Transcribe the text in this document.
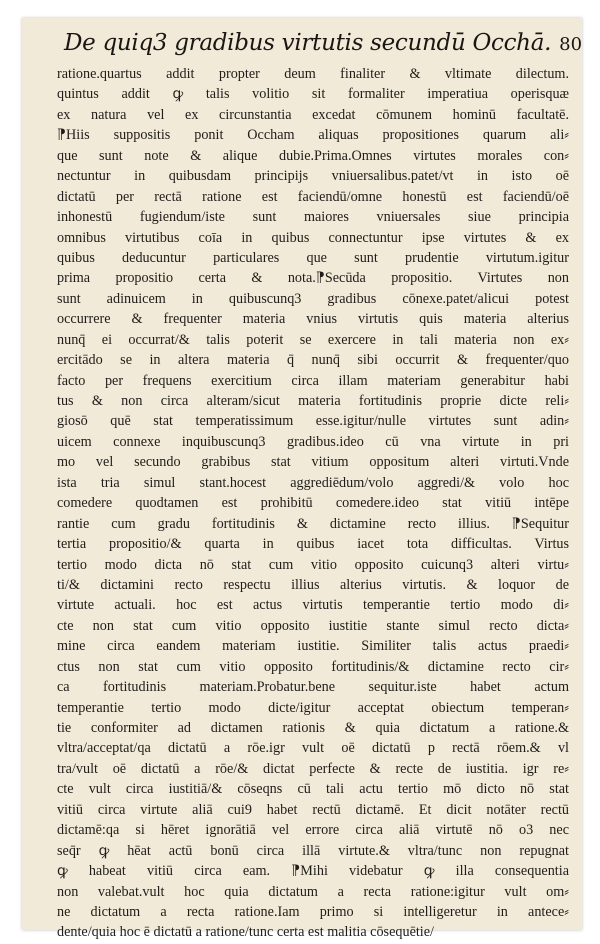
De quiq3 gradibus virtutis secundū Occhā. 80
ratione.quartus addit propter deum finaliter & vltimate dilectum.
quintus addit ꝙ talis volitio sit formaliter imperatiua operisquæ
ex natura vel ex circunstantia excedat cōmunem hominū facultatē.
⁋Hiis suppositis ponit Occham aliquas propositiones quarum ali⸗
que sunt note & alique dubie.Prima.Omnes virtutes morales con⸗
nectuntur in quibusdam principijs vniuersalibus.patet/vt in isto oē
dictatū per rectā ratione est faciendū/omne honestū est faciendū/oē
inhonestū fugiendum/iste sunt maiores vniuersales siue principia
omnibus virtutibus coīa in quibus connectuntur ipse virtutes & ex
quibus deducuntur particulares que sunt prudentie virtutum.igitur
prima propositio certa & nota.⁋Secūda propositio. Virtutes non
sunt adinuicem in quibuscunq3 gradibus cōnexe.patet/alicui potest
occurrere & frequenter materia vnius virtutis quis materia alterius
nunq̄ ei occurrat/& talis poterit se exercere in tali materia non ex⸗
ercitādo se in altera materia q̄ nunq̄ sibi occurrit & frequenter/quo
facto per frequens exercitium circa illam materiam generabitur habi
tus & non circa alteram/sicut materia fortitudinis proprie dicte reli⸗
giosō quē stat temperatissimum esse.igitur/nulle virtutes sunt adin⸗
uicem connexe inquibuscunq3 gradibus.ideo cū vna virtute in pri
mo vel secundo grabibus stat vitium oppositum alteri virtuti.Vnde
ista tria simul stant.hocest aggrediēdum/volo aggredi/& volo hoc
comedere quodtamen est prohibitū comedere.ideo stat vitiū intēpe
rantie cum gradu fortitudinis & dictamine recto illius. ⁋Sequitur
tertia propositio/& quarta in quibus iacet tota difficultas. Virtus
tertio modo dicta nō stat cum vitio opposito cuicunq3 alteri virtu⸗
ti/& dictamini recto respectu illius alterius virtutis. & loquor de
virtute actuali. hoc est actus virtutis temperantie tertio modo di⸗
cte non stat cum vitio opposito iustitie stante simul recto dicta⸗
mine circa eandem materiam iustitie. Similiter talis actus praedi⸗
ctus non stat cum vitio opposito fortitudinis/& dictamine recto cir⸗
ca fortitudinis materiam.Probatur.bene sequitur.iste habet actum
temperantie tertio modo dicte/igitur acceptat obiectum temperan⸗
tie conformiter ad dictamen rationis & quia dictatum a ratione.&
vltra/acceptat/qa dictatū a rōe.igr vult oē dictatū p rectā rōem.& vl
tra/vult oē dictatū a rōe/& dictat perfecte & recte de iustitia. igr re⸗
cte vult circa iustitiā/& cōseqns cū tali actu tertio mō dicto nō stat
vitiū circa virtute aliā cui9 habet rectū dictamē. Et dicit notāter rectū
dictamē:qa si hēret ignorātiā vel errore circa aliā virtutē nō o3 nec
seq̄r ꝙ hēat actū bonū circa illā virtute.& vltra/tunc non repugnat
ꝙ habeat vitiū circa eam. ⁋Mihi videbatur ꝙ illa consequentia
non valebat.vult hoc quia dictatum a recta ratione:igitur vult om⸗
ne dictatum a recta ratione.Iam primo si intelligeretur in antece⸗
dente/quia hoc ē dictatū a ratione/tunc certa est malitia cōsequētie/
